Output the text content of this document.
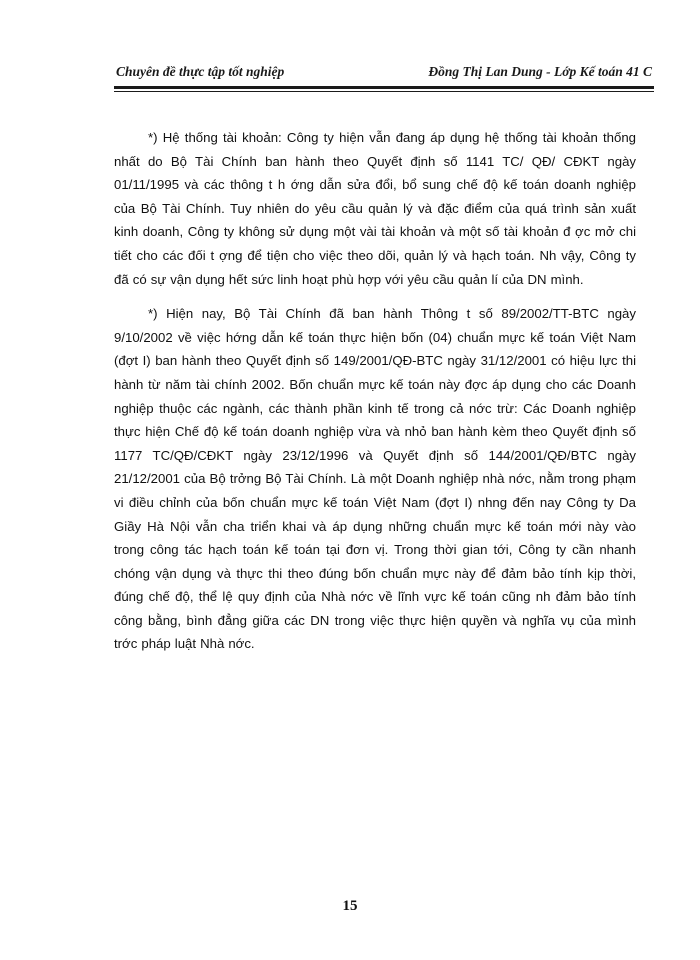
Chuyên đề thực tập tốt nghiệp	Đồng Thị Lan Dung - Lớp Kế toán 41 C

*) Hệ thống tài khoản: Công ty hiện vẫn đang áp dụng hệ thống tài khoản thống nhất do Bộ Tài Chính ban hành theo Quyết định số 1141 TC/ QĐ/ CĐKT ngày 01/11/1995 và các thông t h ớng dẫn sửa đổi, bổ sung chế độ kế toán doanh nghiệp của Bộ Tài Chính. Tuy nhiên do yêu cầu quản lý và đặc điểm của quá trình sản xuất kinh doanh, Công ty không sử dụng một vài tài khoản và một số tài khoản đ ợc mở chi tiết cho các đối t ợng để tiện cho việc theo dõi, quản lý và hạch toán. Nh vậy, Công ty đã có sự vận dụng hết sức linh hoạt phù hợp với yêu cầu quản lí của DN mình.

*) Hiện nay, Bộ Tài Chính đã ban hành Thông t số 89/2002/TT-BTC ngày 9/10/2002 về việc hớng dẫn kế toán thực hiện bốn (04) chuẩn mực kế toán Việt Nam (đợt I) ban hành theo Quyết định số 149/2001/QĐ-BTC ngày 31/12/2001 có hiệu lực thi hành từ năm tài chính 2002. Bốn chuẩn mực kế toán này đợc áp dụng cho các Doanh nghiệp thuộc các ngành, các thành phần kinh tế trong cả nớc trừ: Các Doanh nghiệp thực hiện Chế độ kế toán doanh nghiệp vừa và nhỏ ban hành kèm theo Quyết định số 1177 TC/QĐ/CĐKT ngày 23/12/1996 và Quyết định số 144/2001/QĐ/BTC ngày 21/12/2001 của Bộ trởng Bộ Tài Chính. Là một Doanh nghiệp nhà nớc, nằm trong phạm vi điều chỉnh của bốn chuẩn mực kế toán Việt Nam (đợt I) nhng đến nay Công ty Da Giầy Hà Nội vẫn cha triển khai và áp dụng những chuẩn mực kế toán mới này vào trong công tác hạch toán kế toán tại đơn vị. Trong thời gian tới, Công ty cần nhanh chóng vận dụng và thực thi theo đúng bốn chuẩn mực này để đảm bảo tính kịp thời, đúng chế độ, thể lệ quy định của Nhà nớc về lĩnh vực kế toán cũng nh đảm bảo tính công bằng, bình đẳng giữa các DN trong việc thực hiện quyền và nghĩa vụ của mình trớc pháp luật Nhà nớc.

15
